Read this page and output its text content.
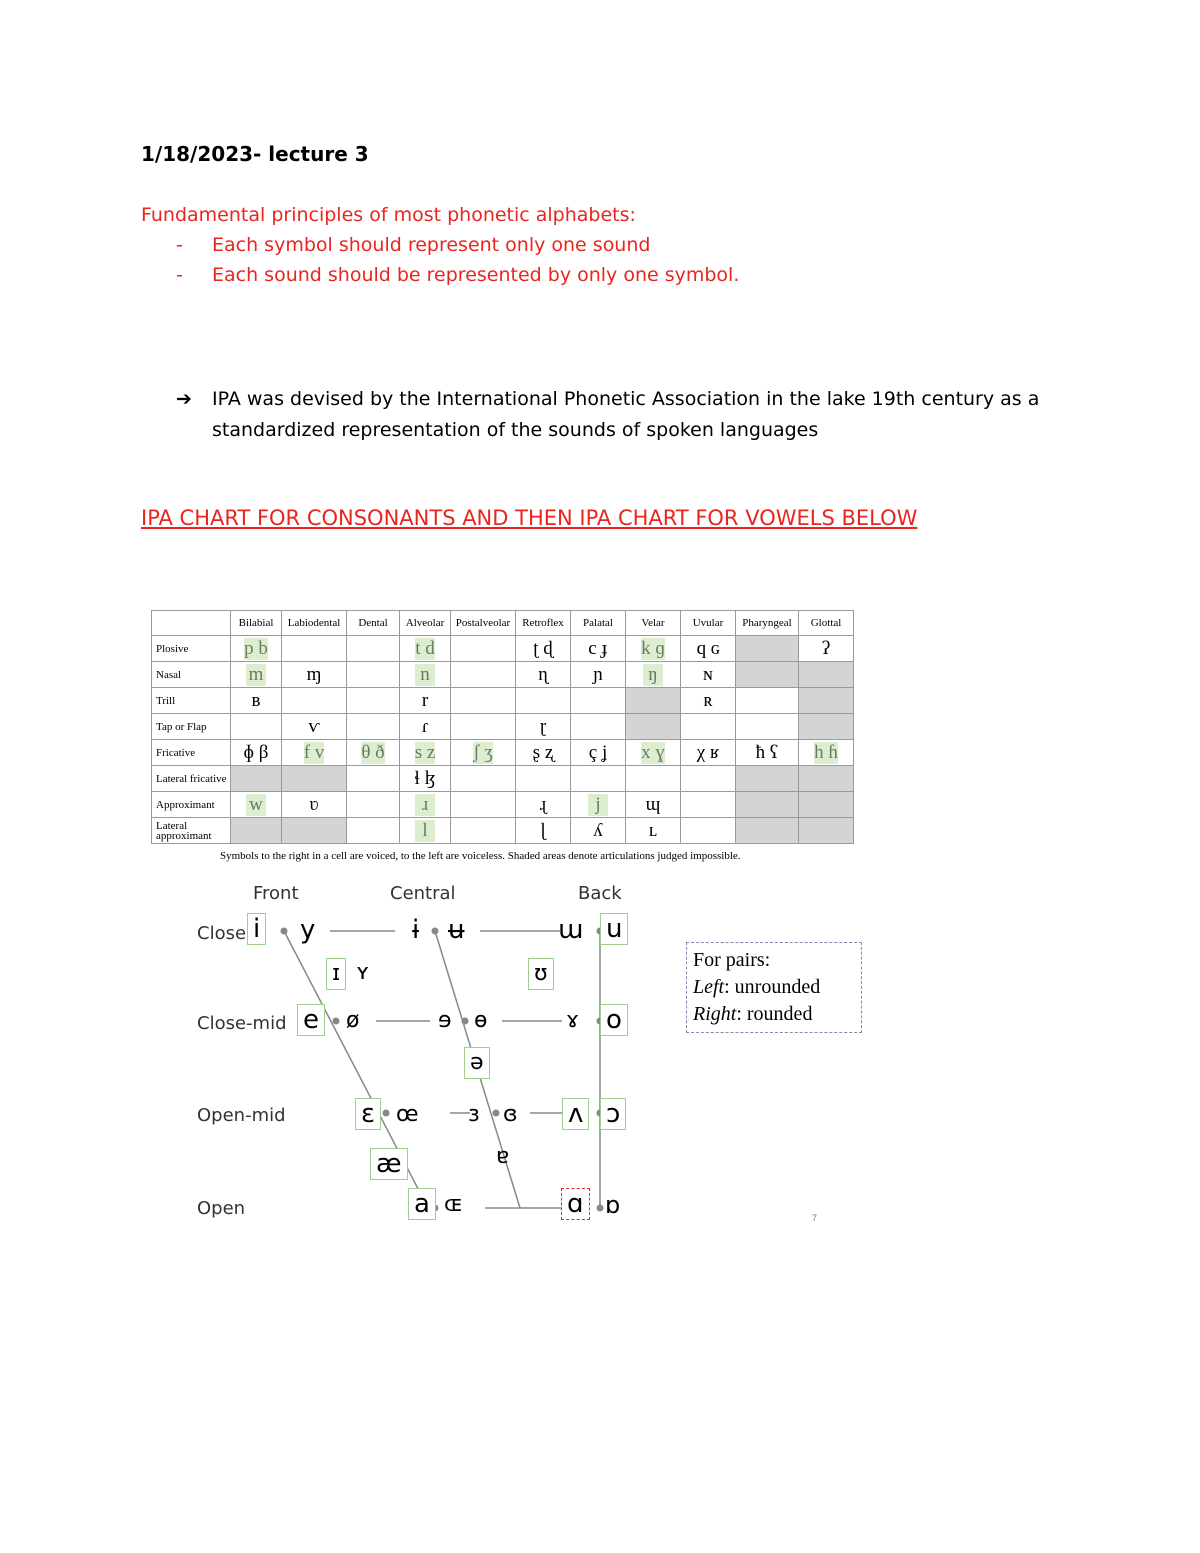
1/18/2023- lecture 3
Fundamental principles of most phonetic alphabets:
- Each symbol should represent only one sound
- Each sound should be represented by only one symbol.
➔ IPA was devised by the International Phonetic Association in the lake 19th century as a standardized representation of the sounds of spoken languages
IPA CHART FOR CONSONANTS AND THEN IPA CHART FOR VOWELS BELOW
	Bilabial	Labiodental	Dental	Alveolar	Postalveolar	Retroflex	Palatal	Velar	Uvular	Pharyngeal	Glottal
Plosive	p b			t d		ʈ ɖ	c ɟ	k ɡ	q ɢ		ʔ
Nasal	m	ɱ		n		ɳ	ɲ	ŋ	ɴ		
Trill	ʙ			r					ʀ		
Tap or Flap		ⱱ		ɾ		ɽ					
Fricative	ɸ β	f v	θ ð	s z	ʃ ʒ	ʂ ʐ	ç ʝ	x ɣ	χ ʁ	ħ ʕ	h ɦ
Lateral fricative				ɬ ɮ							
Approximant	w	ʋ		ɹ		ɻ	j	ɰ			
Lateral approximant				l		ɭ	ʎ	ʟ			
Symbols to the right in a cell are voiced, to the left are voiceless. Shaded areas denote articulations judged impossible.
Front	Central	Back
Close
Close-mid
Open-mid
Open
i y	ɨ ʉ	ɯ u
ɪ ʏ	ʊ
e ø	ɘ ɵ	ɤ o
ə
ɛ œ ɜ ɞ ʌ ɔ
æ	ɐ
a ɶ	ɑ ɒ
For pairs:
Left: unrounded
Right: rounded
7
